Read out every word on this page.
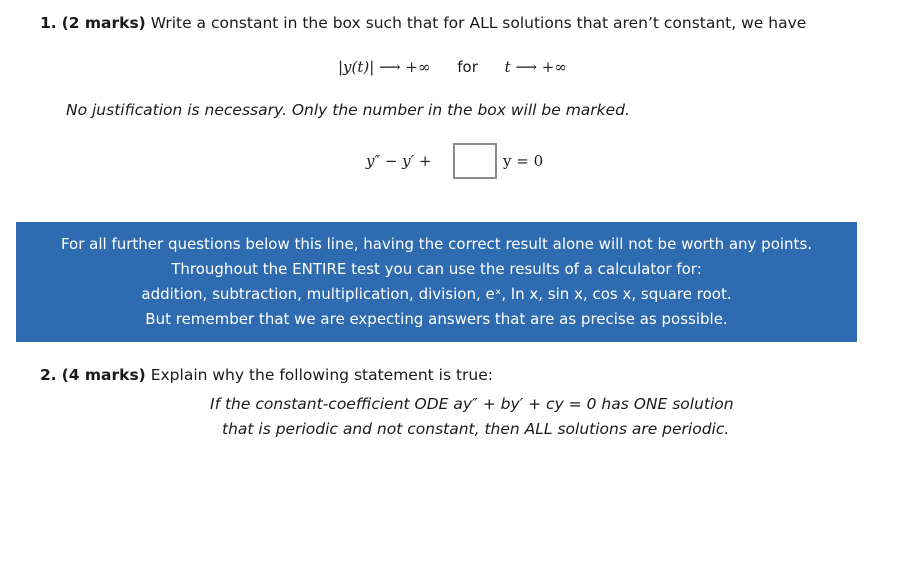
1. (2 marks) Write a constant in the box such that for ALL solutions that aren’t constant, we have
|y(t)| ⟶ +∞ for t ⟶ +∞
No justification is necessary. Only the number in the box will be marked.
y″ − y′ +	y = 0
For all further questions below this line, having the correct result alone will not be worth any points.
Throughout the ENTIRE test you can use the results of a calculator for:
addition, subtraction, multiplication, division, eˣ, ln x, sin x, cos x, square root.
But remember that we are expecting answers that are as precise as possible.
2. (4 marks) Explain why the following statement is true:
If the constant-coefficient ODE ay″ + by′ + cy = 0 has ONE solution
that is periodic and not constant, then ALL solutions are periodic.
